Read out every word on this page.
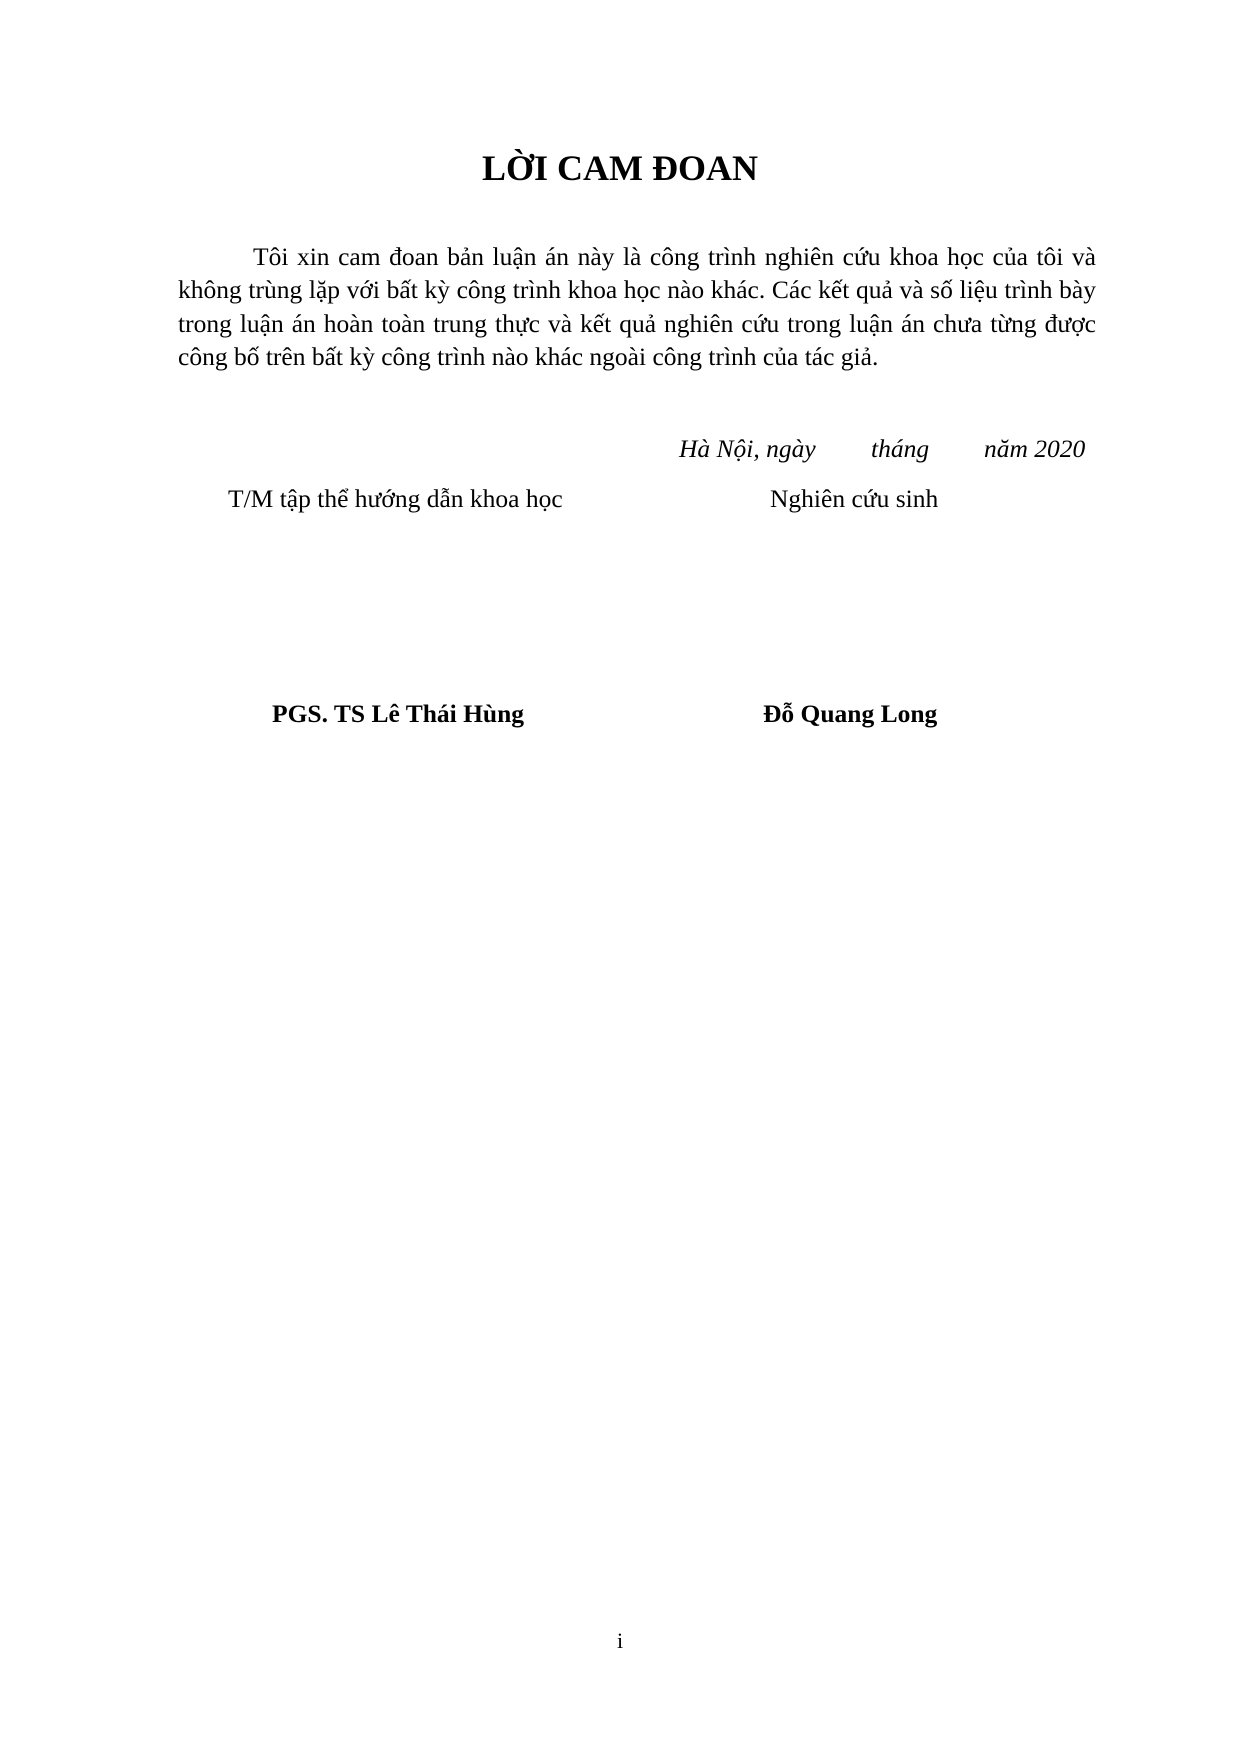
LỜI CAM ĐOAN

Tôi xin cam đoan bản luận án này là công trình nghiên cứu khoa học của tôi và không trùng lặp với bất kỳ công trình khoa học nào khác. Các kết quả và số liệu trình bày trong luận án hoàn toàn trung thực và kết quả nghiên cứu trong luận án chưa từng được công bố trên bất kỳ công trình nào khác ngoài công trình của tác giả.

Hà Nội, ngày tháng năm 2020
T/M tập thể hướng dẫn khoa học	Nghiên cứu sinh
PGS. TS Lê Thái Hùng	Đỗ Quang Long
i
